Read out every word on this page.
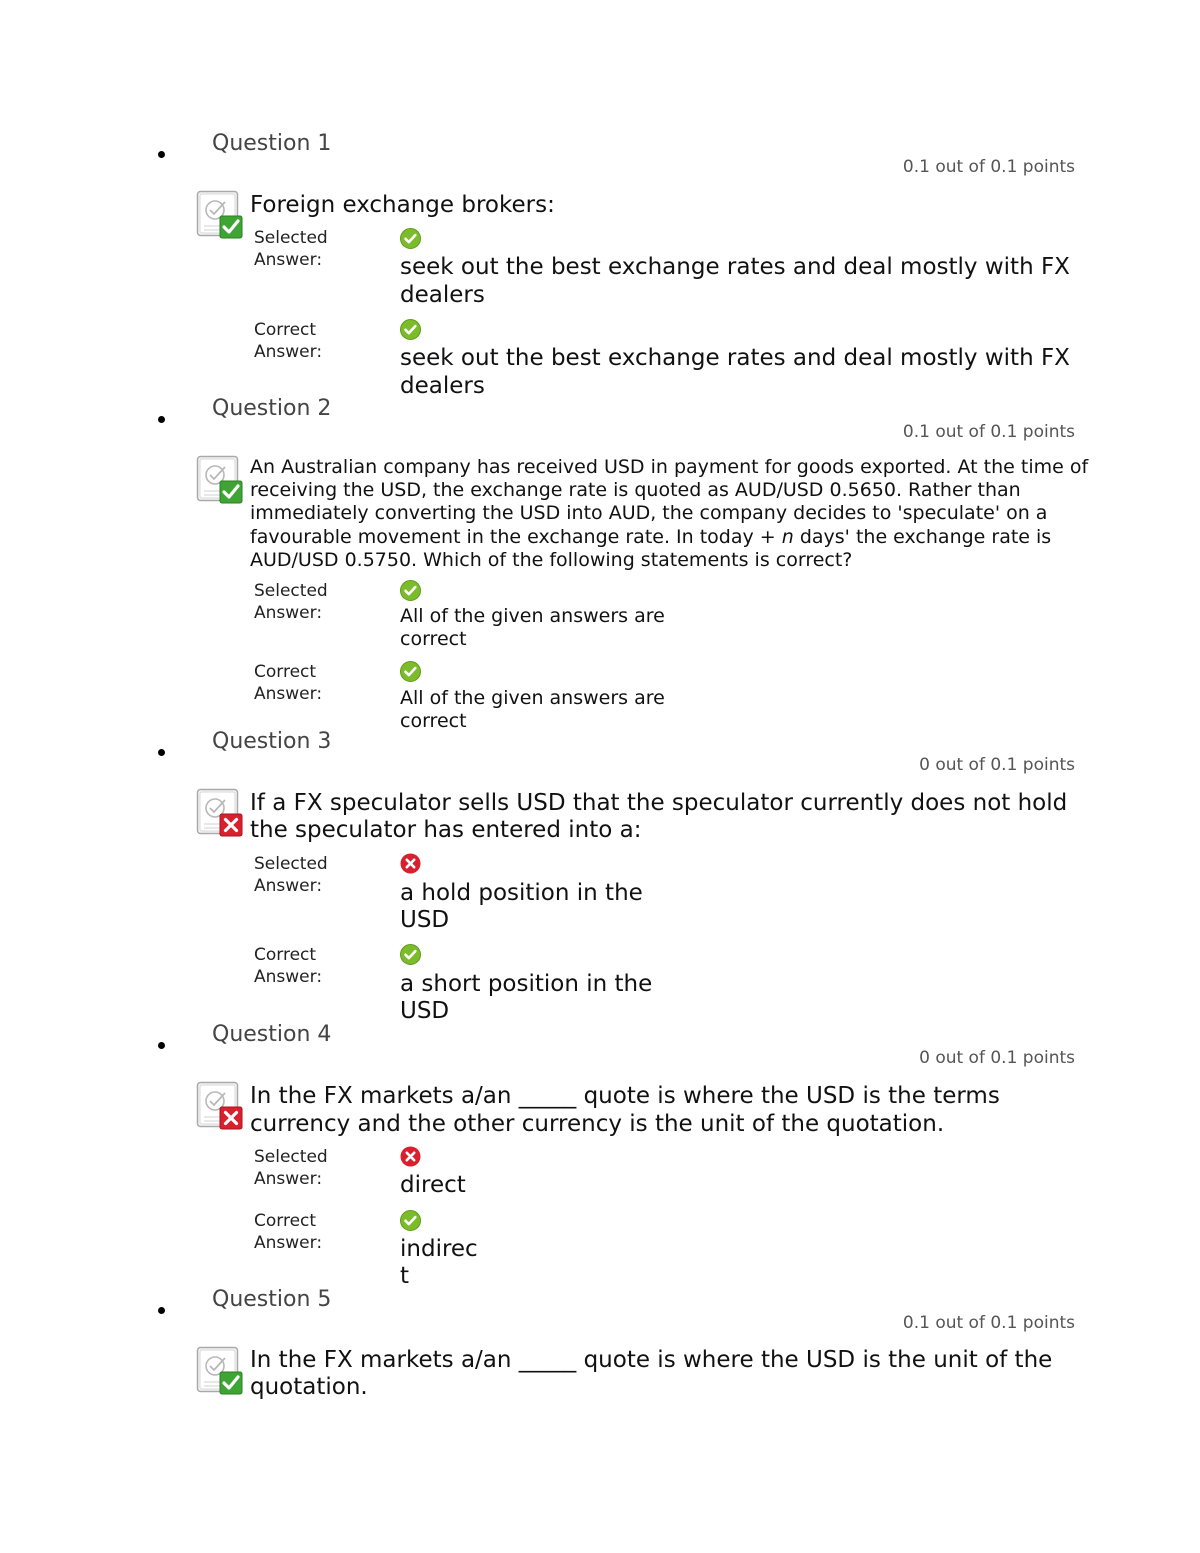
Question 1
0.1 out of 0.1 points
Foreign exchange brokers:
Selected Answer:	seek out the best exchange rates and deal mostly with FX dealers
Correct Answer:	seek out the best exchange rates and deal mostly with FX dealers
Question 2
0.1 out of 0.1 points
An Australian company has received USD in payment for goods exported. At the time of receiving the USD, the exchange rate is quoted as AUD/USD 0.5650. Rather than immediately converting the USD into AUD, the company decides to 'speculate' on a favourable movement in the exchange rate. In today + n days' the exchange rate is AUD/USD 0.5750. Which of the following statements is correct?
Selected Answer:	All of the given answers are correct
Correct Answer:	All of the given answers are correct
Question 3
0 out of 0.1 points
If a FX speculator sells USD that the speculator currently does not hold the speculator has entered into a:
Selected Answer:	a hold position in the USD
Correct Answer:	a short position in the USD
Question 4
0 out of 0.1 points
In the FX markets a/an _____ quote is where the USD is the terms currency and the other currency is the unit of the quotation.
Selected Answer:	direct
Correct Answer:	indirect
Question 5
0.1 out of 0.1 points
In the FX markets a/an _____ quote is where the USD is the unit of the quotation.
